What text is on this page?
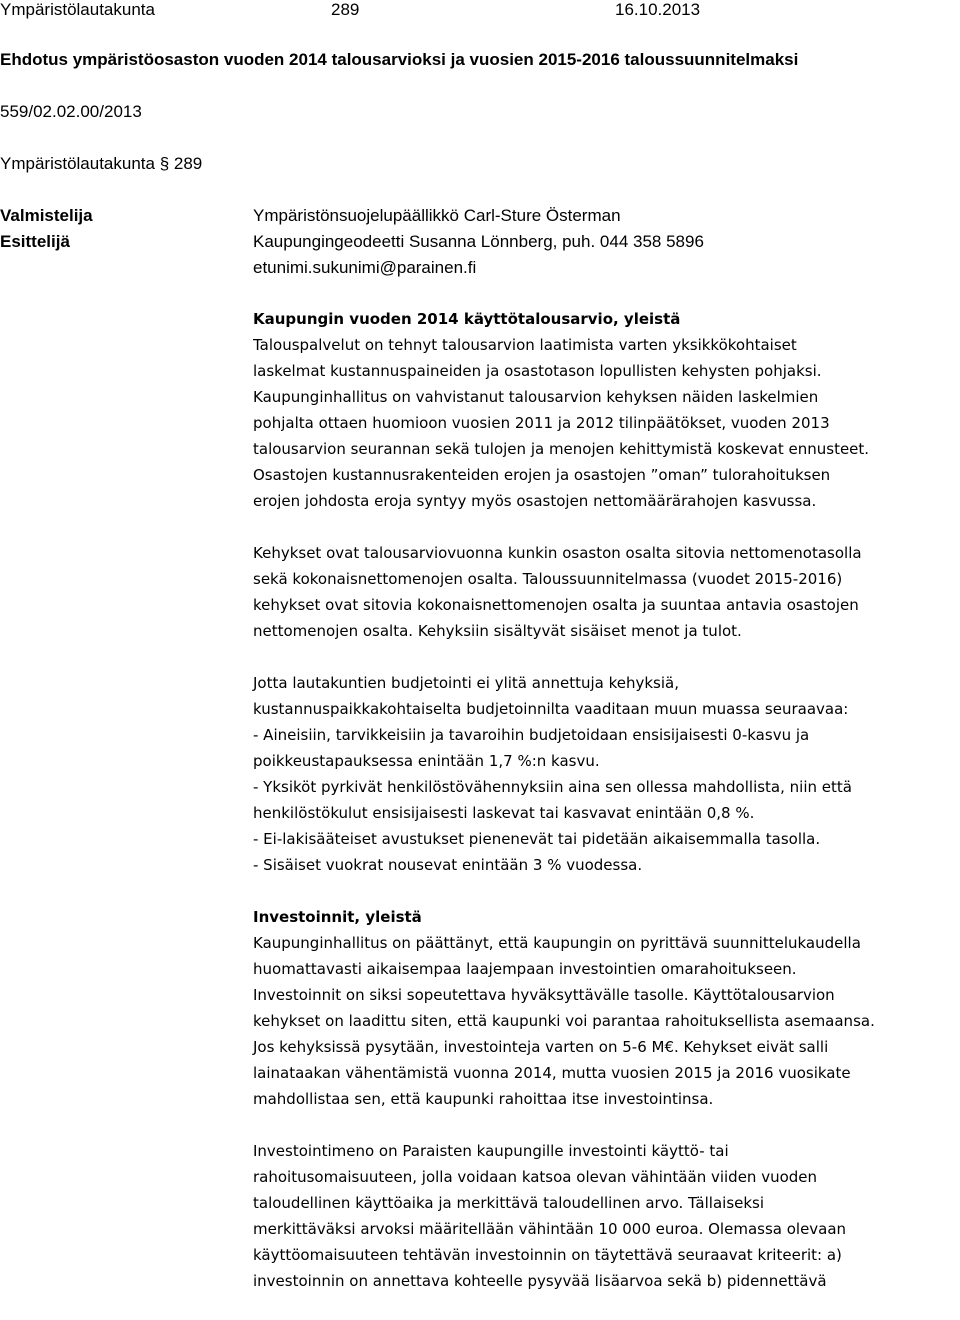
Ympäristölautakunta	289	16.10.2013
Ehdotus ympäristöosaston vuoden 2014 talousarvioksi ja vuosien 2015-2016 taloussuunnitelmaksi
559/02.02.00/2013
Ympäristölautakunta § 289
Valmistelija	Ympäristönsuojelupäällikkö Carl-Sture Österman
Esittelijä	Kaupungingeodeetti Susanna Lönnberg, puh. 044 358 5896
etunimi.sukunimi@parainen.fi
Kaupungin vuoden 2014 käyttötalousarvio, yleistä
Talouspalvelut on tehnyt talousarvion laatimista varten yksikkökohtaiset
laskelmat kustannuspaineiden ja osastotason lopullisten kehysten pohjaksi.
Kaupunginhallitus on vahvistanut talousarvion kehyksen näiden laskelmien
pohjalta ottaen huomioon vuosien 2011 ja 2012 tilinpäätökset, vuoden 2013
talousarvion seurannan sekä tulojen ja menojen kehittymistä koskevat ennusteet.
Osastojen kustannusrakenteiden erojen ja osastojen ”oman” tulorahoituksen
erojen johdosta eroja syntyy myös osastojen nettomäärärahojen kasvussa.
Kehykset ovat talousarviovuonna kunkin osaston osalta sitovia nettomenotasolla
sekä kokonaisnettomenojen osalta. Taloussuunnitelmassa (vuodet 2015-2016)
kehykset ovat sitovia kokonaisnettomenojen osalta ja suuntaa antavia osastojen
nettomenojen osalta. Kehyksiin sisältyvät sisäiset menot ja tulot.
Jotta lautakuntien budjetointi ei ylitä annettuja kehyksiä,
kustannuspaikkakohtaiselta budjetoinnilta vaaditaan muun muassa seuraavaa:
- Aineisiin, tarvikkeisiin ja tavaroihin budjetoidaan ensisijaisesti 0-kasvu ja
poikkeustapauksessa enintään 1,7 %:n kasvu.
- Yksiköt pyrkivät henkilöstövähennyksiin aina sen ollessa mahdollista, niin että
henkilöstökulut ensisijaisesti laskevat tai kasvavat enintään 0,8 %.
- Ei-lakisääteiset avustukset pienenevät tai pidetään aikaisemmalla tasolla.
- Sisäiset vuokrat nousevat enintään 3 % vuodessa.
Investoinnit, yleistä
Kaupunginhallitus on päättänyt, että kaupungin on pyrittävä suunnittelukaudella
huomattavasti aikaisempaa laajempaan investointien omarahoitukseen.
Investoinnit on siksi sopeutettava hyväksyttävälle tasolle. Käyttötalousarvion
kehykset on laadittu siten, että kaupunki voi parantaa rahoituksellista asemaansa.
Jos kehyksissä pysytään, investointeja varten on 5-6 M€. Kehykset eivät salli
lainataakan vähentämistä vuonna 2014, mutta vuosien 2015 ja 2016 vuosikate
mahdollistaa sen, että kaupunki rahoittaa itse investointinsa.
Investointimeno on Paraisten kaupungille investointi käyttö- tai
rahoitusomaisuuteen, jolla voidaan katsoa olevan vähintään viiden vuoden
taloudellinen käyttöaika ja merkittävä taloudellinen arvo. Tällaiseksi
merkittäväksi arvoksi määritellään vähintään 10 000 euroa. Olemassa olevaan
käyttöomaisuuteen tehtävän investoinnin on täytettävä seuraavat kriteerit: a)
investoinnin on annettava kohteelle pysyvää lisäarvoa sekä b) pidennettävä
